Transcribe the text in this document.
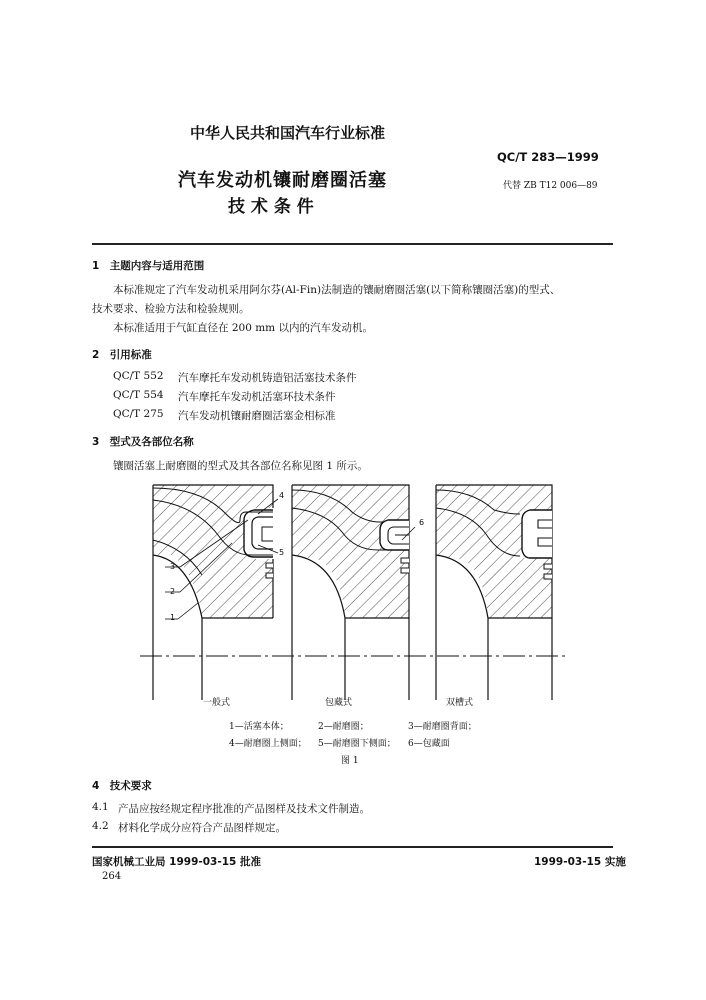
中华人民共和国汽车行业标准
QC/T 283—1999
汽车发动机镶耐磨圈活塞	代替 ZB T12 006—89
技 术 条 件
1　主题内容与适用范围
本标准规定了汽车发动机采用阿尔芬(Al-Fin)法制造的镶耐磨圈活塞(以下简称镶圈活塞)的型式、
技术要求、检验方法和检验规则。
本标准适用于气缸直径在 200 mm 以内的汽车发动机。
2　引用标准
QC/T 552 汽车摩托车发动机铸造铝活塞技术条件
QC/T 554 汽车摩托车发动机活塞环技术条件
QC/T 275 汽车发动机镶耐磨圈活塞金相标准
3　型式及各部位名称
镶圈活塞上耐磨圈的型式及其各部位名称见图 1 所示。
4
5
6
3
2
1
一般式	包藏式	双槽式
1—活塞本体；	2—耐磨圈；	3—耐磨圈背面；
4—耐磨圈上侧面； 5—耐磨圈下侧面； 6—包藏面
图 1
4　技术要求
4.1 产品应按经规定程序批准的产品图样及技术文件制造。
4.2 材料化学成分应符合产品图样规定。
国家机械工业局 1999-03-15 批准	1999-03-15 实施
264
